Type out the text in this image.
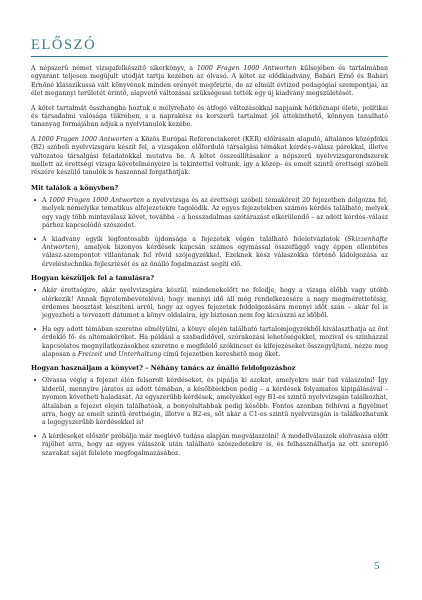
ELŐSZÓ

A népszerű német vizsgafelkészítő sikerkönyv, a 1000 Fragen 1000 Antworten külsejében és tartalmában egyaránt teljesen megújult utódját tartja kezében az olvasó. A kötet az elődkiadvány, Babári Ernő és Babári Ernőné klasszikussá vált könyvének minden erényét megőrizte, de az elmúlt évtized pedagógiai szempontjai, az élet megannyi területét érintő, alapvető változásai szükségessé tették egy új kiadvány megszületését.

A kötet tartalmát összhangba hoztuk e mélyreható és átfogó változásokkal napjaink hétköznapi élete, politikai és társadalmi valósága tükrében, s a naprakész és korszerű tartalmat jól áttekinthető, könnyen tanulható tananyag formájában adjuk a nyelvtanulók kezébe.

A 1000 Fragen 1000 Antworten a Közös Európai Referenciakeret (KER) előírásain alapuló, általános középfokú (B2) szóbeli nyelvvizsgára készít fel, a vizsgákon előforduló társalgási témákat kérdés–válasz párokkal, illetve változatos társalgási feladatokkal mutatva be. A kötet összeállításakor a népszerű nyelvvizsgarendszerek mellett az érettségi vizsga követelményeire is tekintettel voltunk, így a közép- és emelt szintű érettségi szóbeli részére készülő tanulók is haszonnal forgathatják.

Mit találok a könyvben?
• A 1000 Fragen 1000 Antworten a nyelvvizsga és az érettségi szóbeli témaköreit 20 fejezetben dolgozza fel, melyek némelyike tematikus alfejezetekre tagolódik. Az egyes fejezetekben számos kérdés található, melyek egy vagy több mintaválasz követ, továbbá – a hosszadalmas szótárazást elkerülendő – az adott kérdés–válasz párhoz kapcsolódó szószedet.
• A kiadvány egyik legfontosabb újdonsága a fejezetek végén található feleletvázlatok (Skizzenhafte Antworten), amelyek bizonyos kérdések kapcsán számos egymással összefüggő vagy éppen ellentétes válasz-szempontot villantanak fel rövid szójegyzékkel. Ezeknek kész válaszokká történő kidolgozása az érveléstechnika fejlesztését és az önálló fogalmazást segíti elő.
Hogyan készüljek fel a tanulásra?
• Akár érettségire, akár nyelvvizsgára készül, mindenekelőtt ne feledje, hogy a vizsga előbb vagy utóbb elérkezik! Annak figyelembevételével, hogy mennyi idő áll még rendelkezésére a nagy megmérettetésig, érdemes beosztást készíteni arról, hogy az egyes fejezetek feldolgozására mennyi időt szán – akár fel is jegyezheti a tervezett dátumot a könyv oldalaira, így biztosan nem fog kicsúszni az időből.
• Ha egy adott témában szeretne elmélyülni, a könyv elején található tartalomjegyzékből kiválaszthatja az önt érdeklő fő- és altémaköröket. Ha például a szabadidővel, szórakozási lehetőségekkel, mozival és színházzal kapcsolatos megnyilatkozásokhoz szeretne e megfelelő szókincset és kifejezéseket összegyűjteni, nézze meg alaposan a Freizeit und Unterhaltung című fejezetben kereshető meg őket.
Hogyan használjam a könyvet? – Néhány tanács az önálló feldolgozáshoz
• Olvassa végig a fejezet élén felsorolt kérdéseket, és pipálja ki azokat, amelyekre már tud válaszolni! Így kiderül, mennyire járatos az adott témában, a későbbiekben pedig – a kérdések folyamatos kipipálásával – nyomon követheti haladását. Az egyszerűbb kérdések, amelyekkel egy B1-es szintű nyelvvizsgán találkozhat, általában a fejezet elején találhatóak, a bonyolultabbak pedig később. Fontos azonban felhívni a figyelmet arra, hogy az emelt szintű érettségin, illetve a B2-es, sőt akár a C1-es szintű nyelvvizsgán is találkozhatunk a legegyszerűbb kérdésekkel is!
• A kérdéseket először próbálja már meglévő tudása alapján megválaszolni! A modellválaszok elolvasása előtt rájöhet arra, hogy az egyes válaszok után található szószedetekre is, és felhasználhatja az ott szereplő szavakat saját felelete megfogalmazásához.
5
